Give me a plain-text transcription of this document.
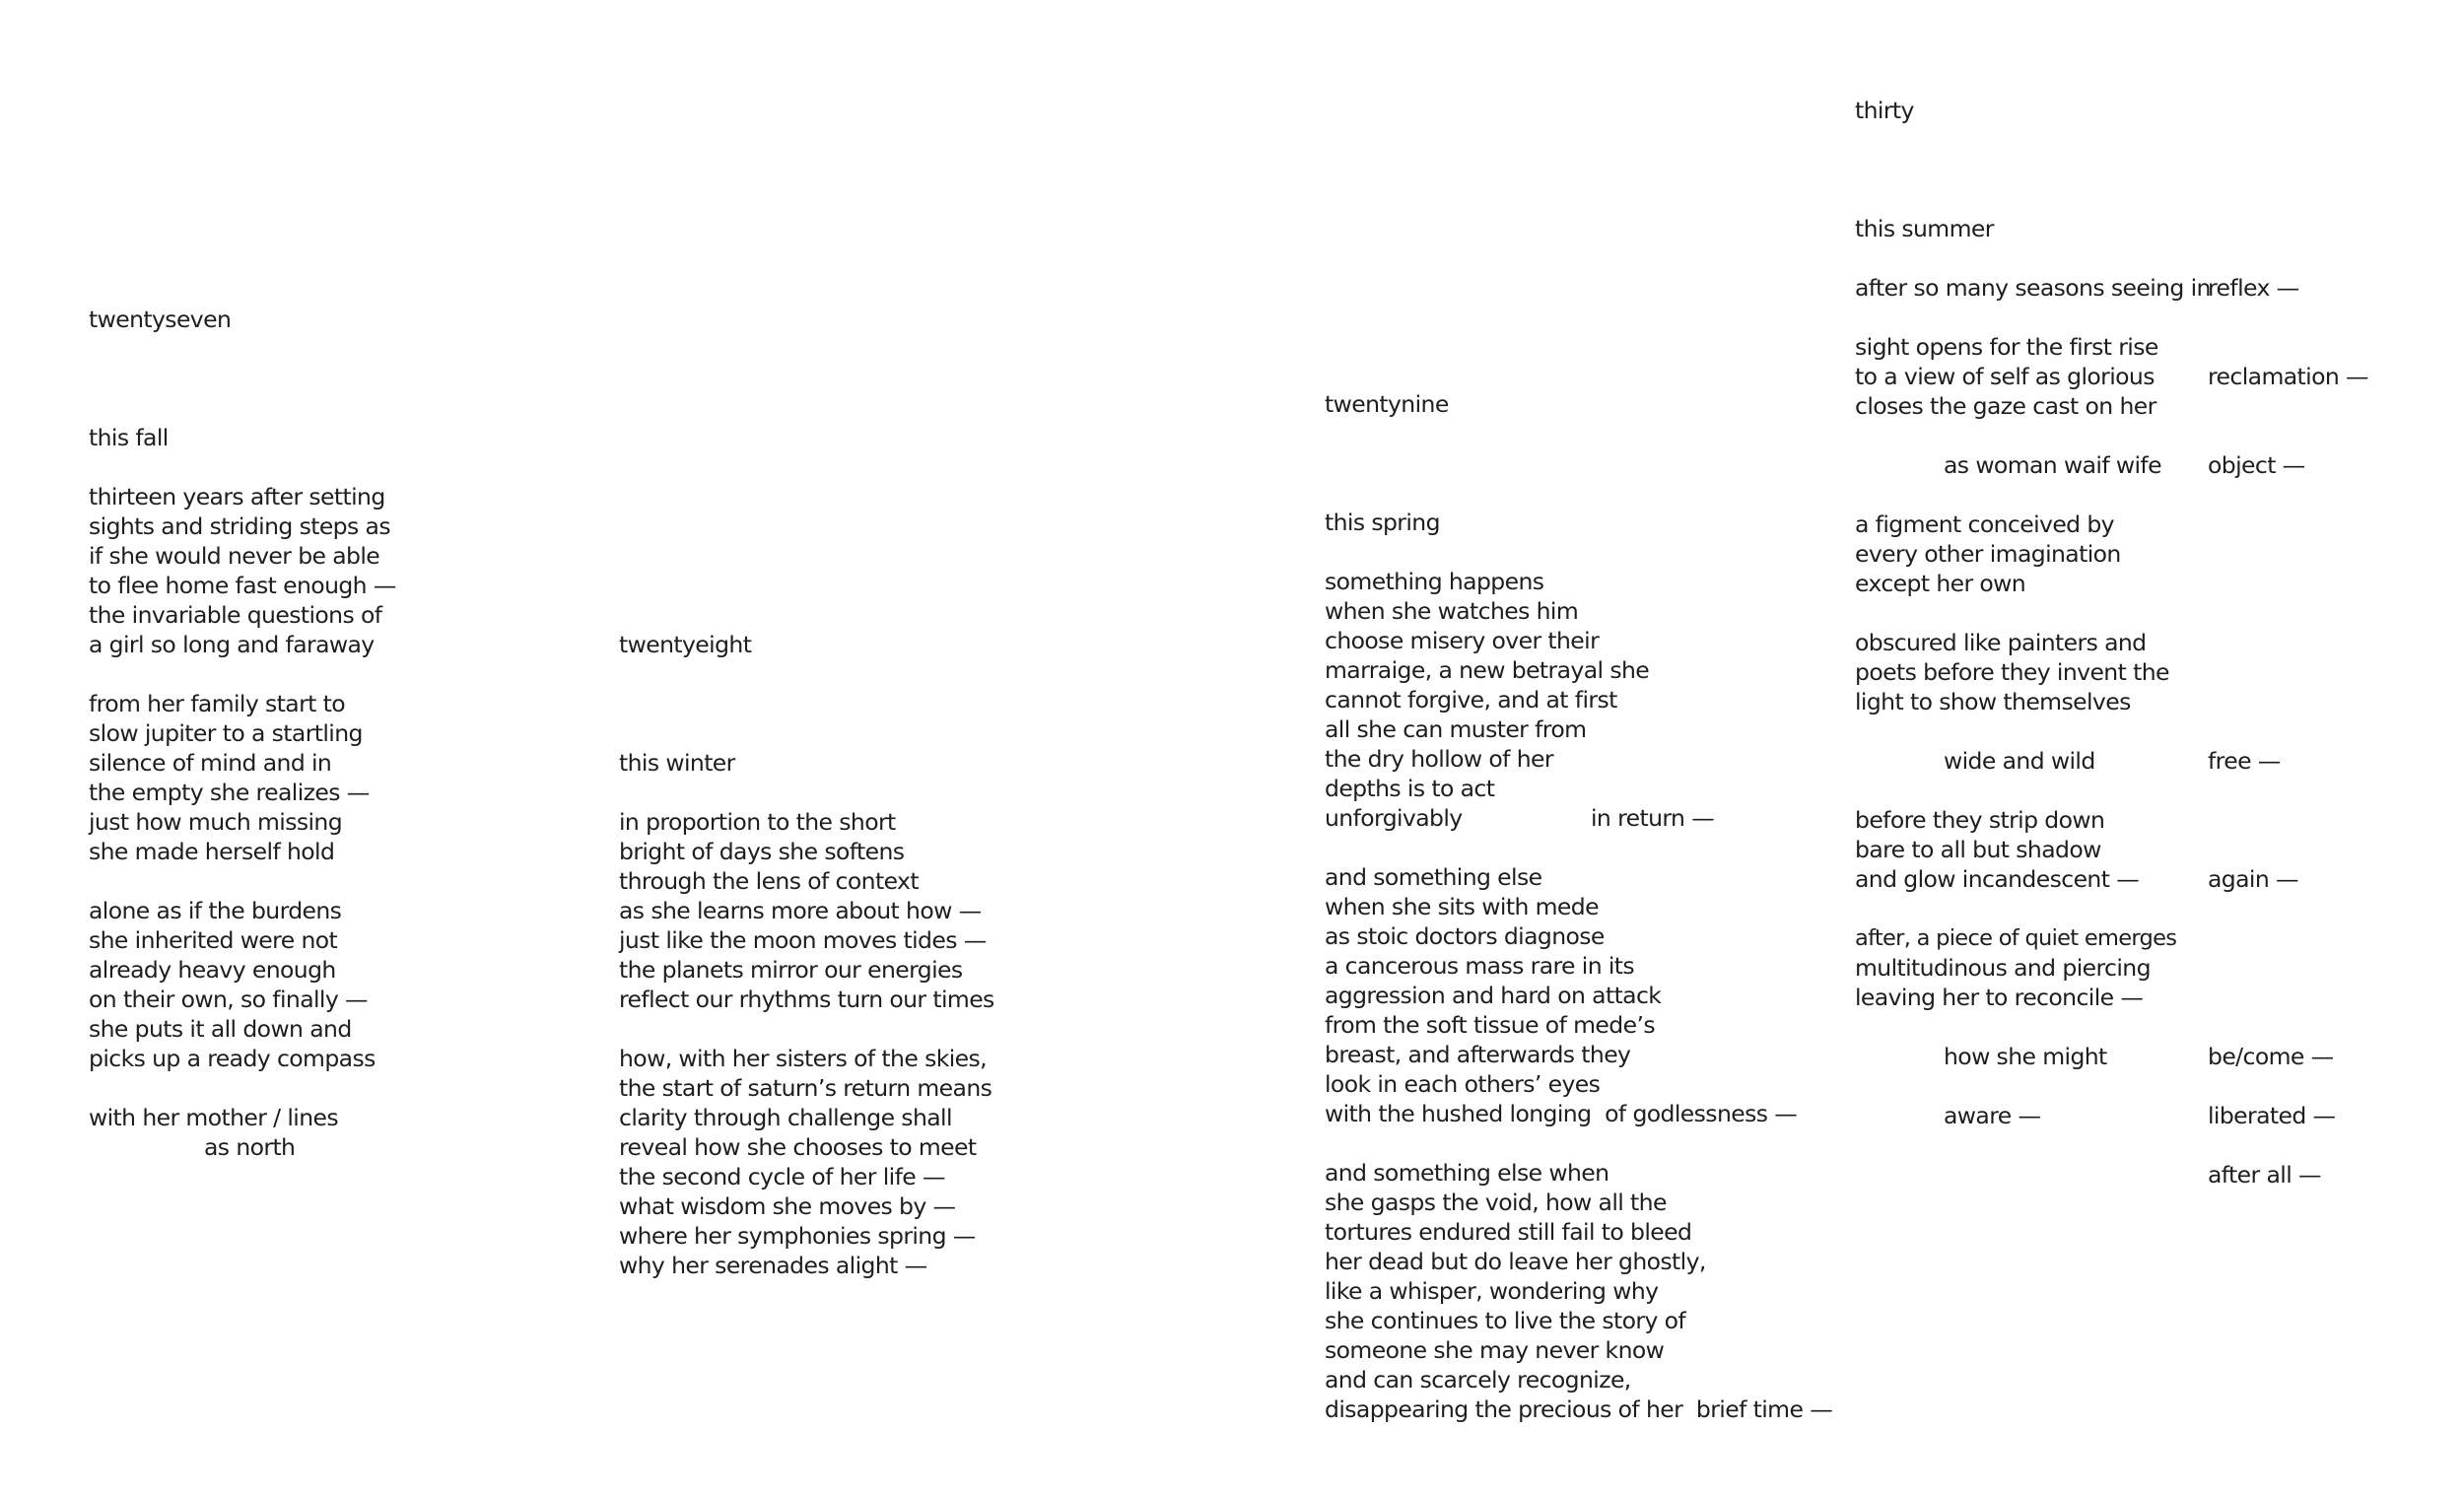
twentyseven
this fall
thirteen years after setting
sights and striding steps as
if she would never be able
to flee home fast enough —
the invariable questions of
a girl so long and faraway
from her family start to
slow jupiter to a startling
silence of mind and in
the empty she realizes —
just how much missing
she made herself hold
alone as if the burdens
she inherited were not
already heavy enough
on their own, so finally —
she puts it all down and
picks up a ready compass
with her mother / lines
as north
twentyeight
this winter
in proportion to the short
bright of days she softens
through the lens of context
as she learns more about how —
just like the moon moves tides —
the planets mirror our energies
reflect our rhythms turn our times
how, with her sisters of the skies,
the start of saturn’s return means
clarity through challenge shall
reveal how she chooses to meet
the second cycle of her life —
what wisdom she moves by —
where her symphonies spring —
why her serenades alight —
twentynine
this spring
something happens
when she watches him
choose misery over their
marraige, a new betrayal she
cannot forgive, and at first
all she can muster from
the dry hollow of her
depths is to act
unforgivably	in return —
and something else
when she sits with mede
as stoic doctors diagnose
a cancerous mass rare in its
aggression and hard on attack
from the soft tissue of mede’s
breast, and afterwards they
look in each others’ eyes
with the hushed longing  of godlessness —
and something else when
she gasps the void, how all the
tortures endured still fail to bleed
her dead but do leave her ghostly,
like a whisper, wondering why
she continues to live the story of
someone she may never know
and can scarcely recognize,
disappearing the precious of her  brief time —
thirty
this summer
after so many seasons seeing in
sight opens for the first rise
to a view of self as glorious
closes the gaze cast on her
as woman waif wife
a figment conceived by
every other imagination
except her own
obscured like painters and
poets before they invent the
light to show themselves
wide and wild
before they strip down
bare to all but shadow
and glow incandescent —
after, a piece of quiet emerges
multitudinous and piercing
leaving her to reconcile —
how she might
aware —
reflex —
reclamation —
object —
free —
again —
be/come —
liberated —
after all —
